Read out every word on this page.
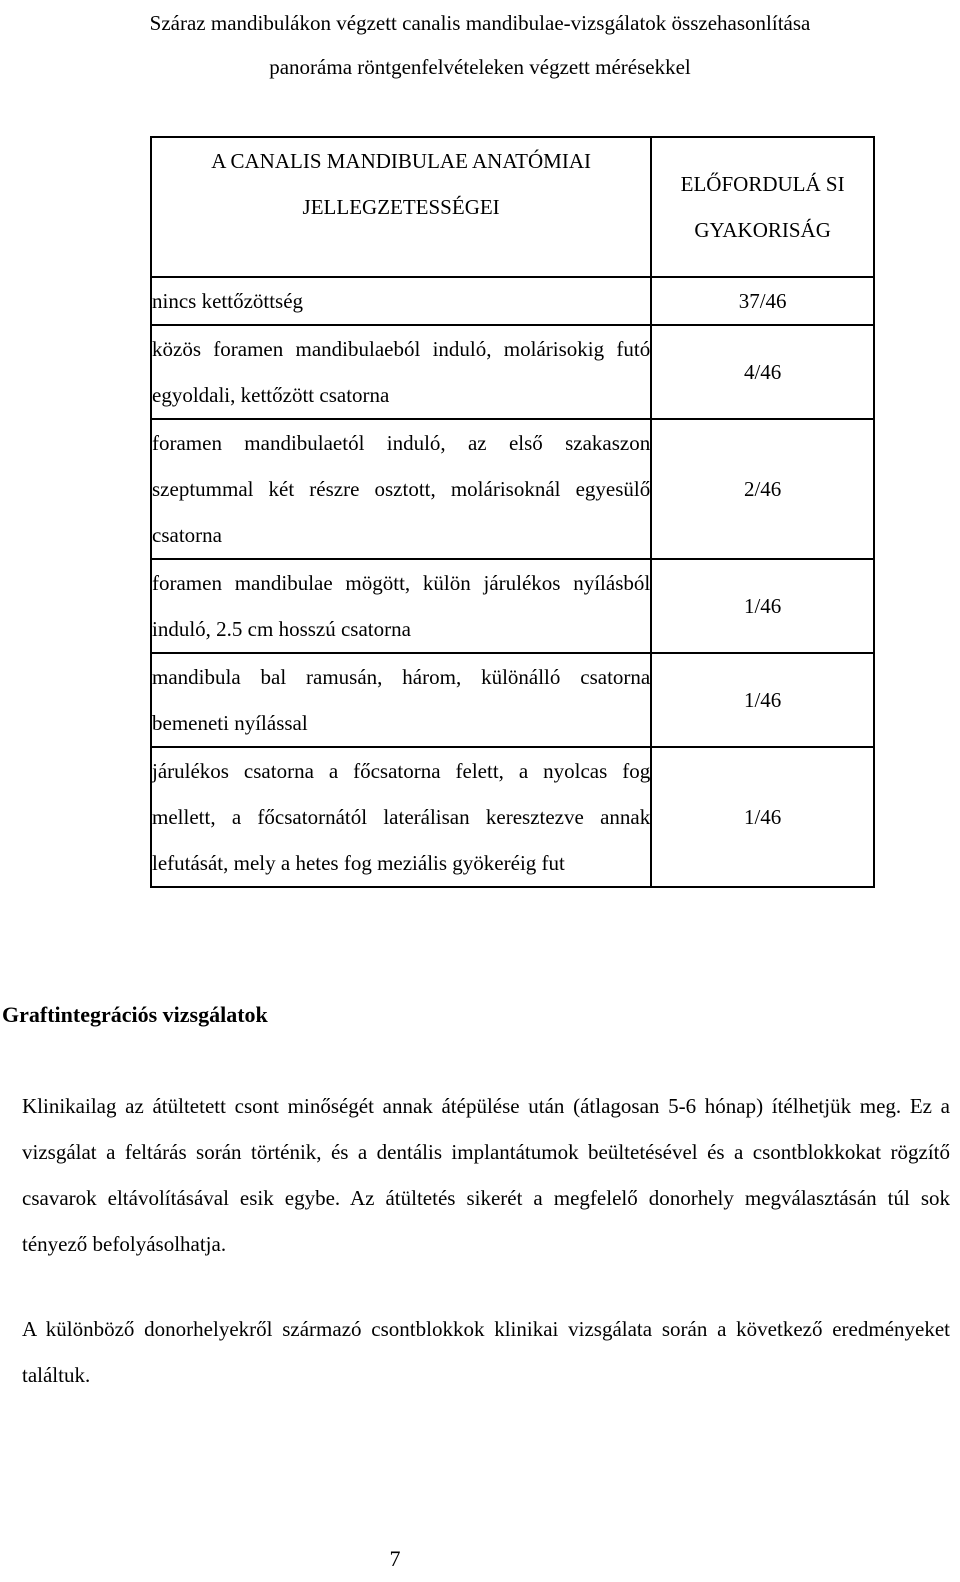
Száraz mandibulákon végzett canalis mandibulae-vizsgálatok összehasonlítása
panoráma röntgenfelvételeken végzett mérésekkel
A CANALIS MANDIBULAE ANATÓMIAI JELLEGZETESSÉGEI	ELŐFORDULÁ SI GYAKORISÁG

nincs kettőzöttség	37/46
közös foramen mandibulaeból induló, molárisokig futó egyoldali, kettőzött csatorna	4/46
foramen mandibulaetól induló, az első szakaszon szeptummal két részre osztott, molárisoknál egyesülő csatorna	2/46
foramen mandibulae mögött, külön járulékos nyílásból induló, 2.5 cm hosszú csatorna	1/46
mandibula bal ramusán, három, különálló csatorna bemeneti nyílással	1/46
járulékos csatorna a főcsatorna felett, a nyolcas fog mellett, a főcsatornától laterálisan keresztezve annak lefutását, mely a hetes fog meziális gyökeréig fut	1/46
Graftintegrációs vizsgálatok

Klinikailag az átültetett csont minőségét annak átépülése után (átlagosan 5-6 hónap) ítélhetjük meg. Ez a vizsgálat a feltárás során történik, és a dentális implantátumok beültetésével és a csontblokkokat rögzítő csavarok eltávolításával esik egybe. Az átültetés sikerét a megfelelő donorhely megválasztásán túl sok tényező befolyásolhatja.

A különböző donorhelyekről származó csontblokkok klinikai vizsgálata során a következő eredményeket találtuk.

7
